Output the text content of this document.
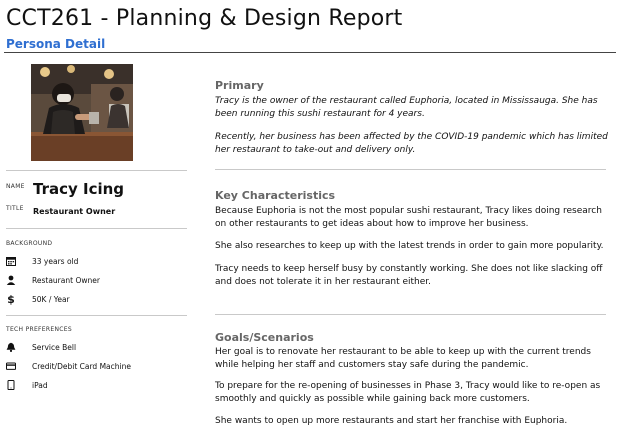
CCT261 - Planning & Design Report
Persona Detail
NAME Tracy Icing
TITLE Restaurant Owner
BACKGROUND
33 years old
Restaurant Owner
$ 50K / Year
TECH PREFERENCES
Service Bell
Credit/Debit Card Machine
iPad
Primary

Tracy is the owner of the restaurant called Euphoria, located in Mississauga. She has been running this sushi restaurant for 4 years.

Recently, her business has been affected by the COVID-19 pandemic which has limited her restaurant to take-out and delivery only.

Key Characteristics

Because Euphoria is not the most popular sushi restaurant, Tracy likes doing research on other restaurants to get ideas about how to improve her business.

She also researches to keep up with the latest trends in order to gain more popularity.

Tracy needs to keep herself busy by constantly working. She does not like slacking off and does not tolerate it in her restaurant either.

Goals/Scenarios

Her goal is to renovate her restaurant to be able to keep up with the current trends while helping her staff and customers stay safe during the pandemic.

To prepare for the re-opening of businesses in Phase 3, Tracy would like to re-open as smoothly and quickly as possible while gaining back more customers.

She wants to open up more restaurants and start her franchise with Euphoria.
